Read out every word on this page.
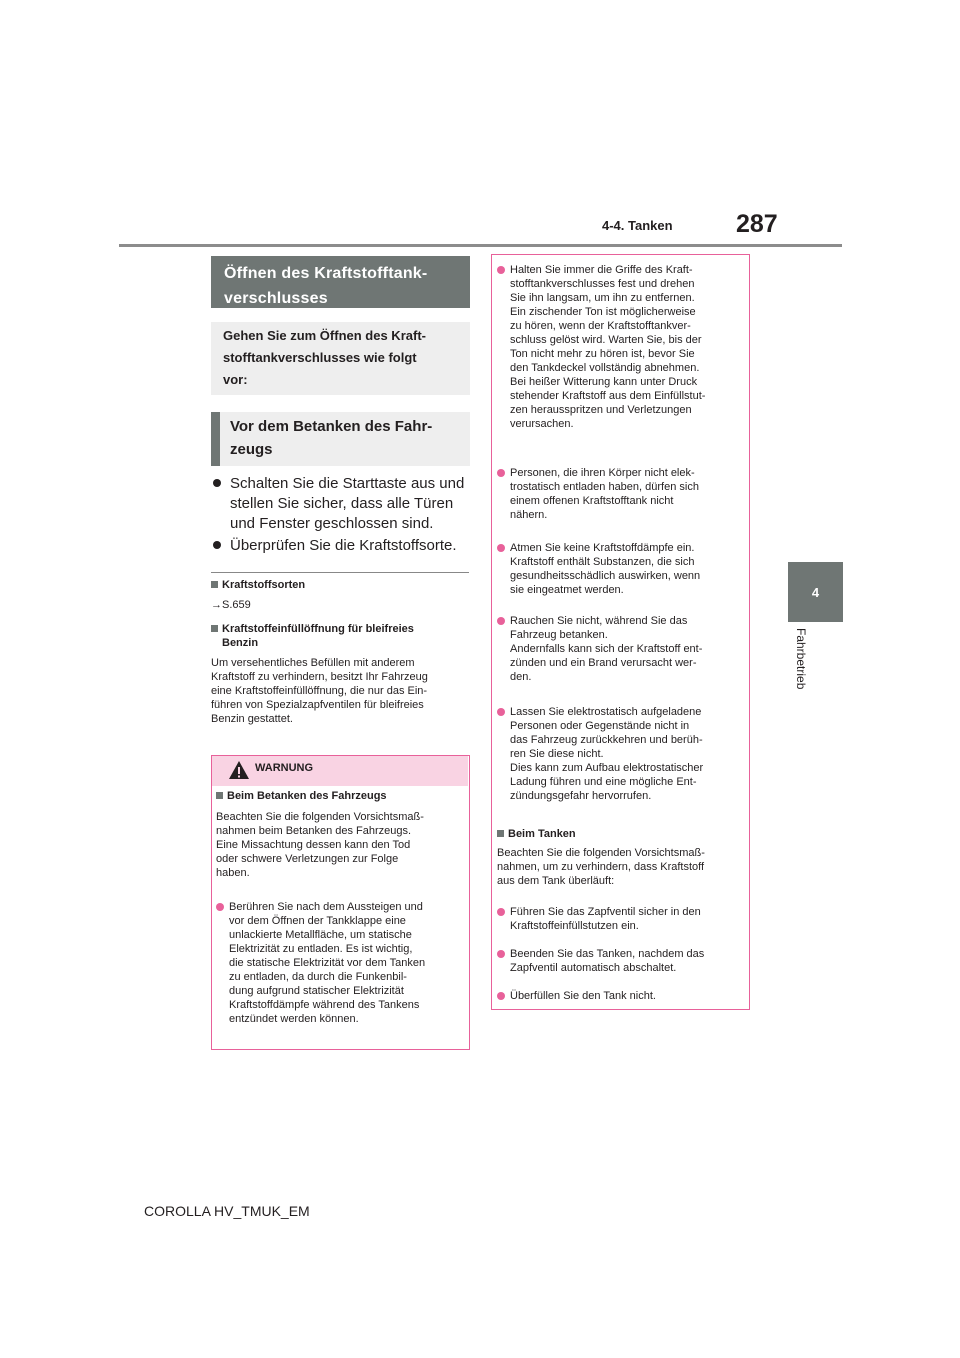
4-4. Tanken	287
4
Fahrbetrieb
Öffnen des Kraftstofftank-
verschlusses
Gehen Sie zum Öffnen des Kraft-
stofftankverschlusses wie folgt
vor:
Vor dem Betanken des Fahr-
zeugs
Schalten Sie die Starttaste aus und
stellen Sie sicher, dass alle Türen
und Fenster geschlossen sind.
Überprüfen Sie die Kraftstoffsorte.
Kraftstoffsorten
→S.659
Kraftstoffeinfüllöffnung für bleifreies
Benzin
Um versehentliches Befüllen mit anderem
Kraftstoff zu verhindern, besitzt Ihr Fahrzeug
eine Kraftstoffeinfüllöffnung, die nur das Ein-
führen von Spezialzapfventilen für bleifreies
Benzin gestattet.
WARNUNG
Beim Betanken des Fahrzeugs
Beachten Sie die folgenden Vorsichtsmaß-
nahmen beim Betanken des Fahrzeugs.
Eine Missachtung dessen kann den Tod
oder schwere Verletzungen zur Folge
haben.
Berühren Sie nach dem Aussteigen und
vor dem Öffnen der Tankklappe eine
unlackierte Metallfläche, um statische
Elektrizität zu entladen. Es ist wichtig,
die statische Elektrizität vor dem Tanken
zu entladen, da durch die Funkenbil-
dung aufgrund statischer Elektrizität
Kraftstoffdämpfe während des Tankens
entzündet werden können.
Halten Sie immer die Griffe des Kraft-
stofftankverschlusses fest und drehen
Sie ihn langsam, um ihn zu entfernen.
Ein zischender Ton ist möglicherweise
zu hören, wenn der Kraftstofftankver-
schluss gelöst wird. Warten Sie, bis der
Ton nicht mehr zu hören ist, bevor Sie
den Tankdeckel vollständig abnehmen.
Bei heißer Witterung kann unter Druck
stehender Kraftstoff aus dem Einfüllstut-
zen herausspritzen und Verletzungen
verursachen.
Personen, die ihren Körper nicht elek-
trostatisch entladen haben, dürfen sich
einem offenen Kraftstofftank nicht
nähern.
Atmen Sie keine Kraftstoffdämpfe ein.
Kraftstoff enthält Substanzen, die sich
gesundheitsschädlich auswirken, wenn
sie eingeatmet werden.
Rauchen Sie nicht, während Sie das
Fahrzeug betanken.
Andernfalls kann sich der Kraftstoff ent-
zünden und ein Brand verursacht wer-
den.
Lassen Sie elektrostatisch aufgeladene
Personen oder Gegenstände nicht in
das Fahrzeug zurückkehren und berüh-
ren Sie diese nicht.
Dies kann zum Aufbau elektrostatischer
Ladung führen und eine mögliche Ent-
zündungsgefahr hervorrufen.
Beim Tanken
Beachten Sie die folgenden Vorsichtsmaß-
nahmen, um zu verhindern, dass Kraftstoff
aus dem Tank überläuft:
Führen Sie das Zapfventil sicher in den
Kraftstoffeinfüllstutzen ein.
Beenden Sie das Tanken, nachdem das
Zapfventil automatisch abschaltet.
Überfüllen Sie den Tank nicht.
COROLLA HV_TMUK_EM
